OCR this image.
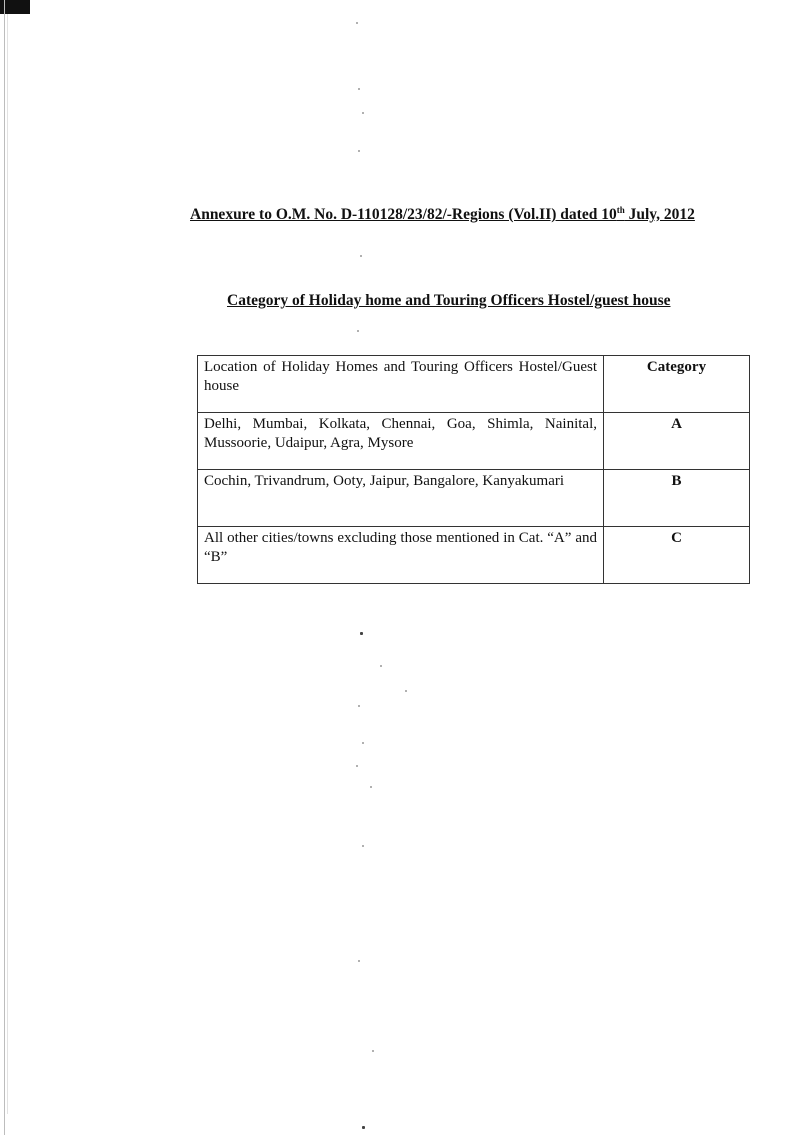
Annexure to O.M. No. D-110128/23/82/-Regions (Vol.II) dated 10th July, 2012
Category of Holiday home and Touring Officers Hostel/guest house
Location of Holiday Homes and Touring Officers Hostel/Guest house	Category
Delhi, Mumbai, Kolkata, Chennai, Goa, Shimla, Nainital, Mussoorie, Udaipur, Agra, Mysore	A
Cochin, Trivandrum, Ooty, Jaipur, Bangalore, Kanyakumari	B
All other cities/towns excluding those mentioned in Cat. “A” and “B”	C
